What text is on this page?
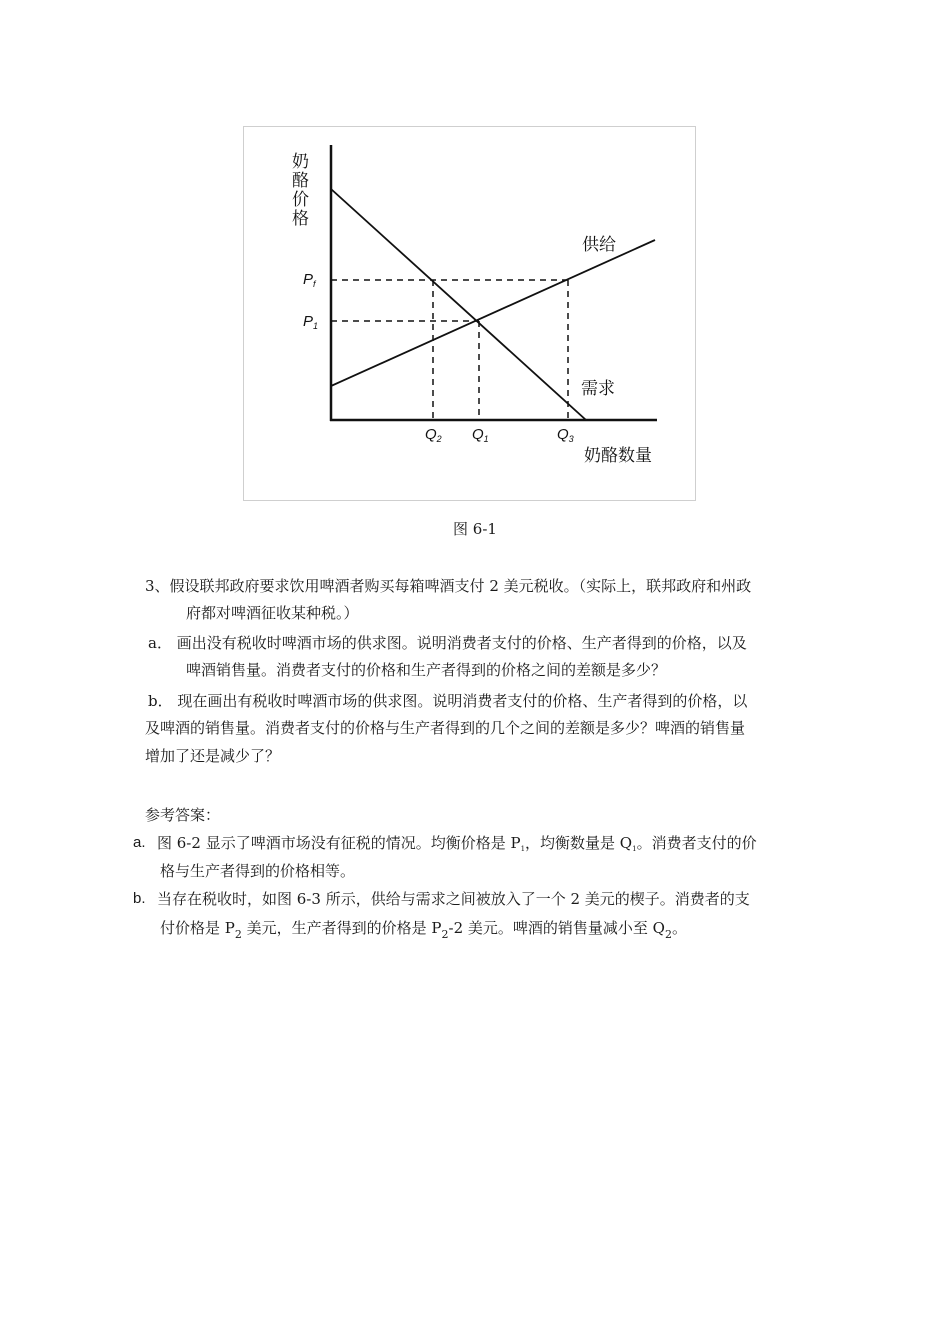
奶
酪
价
格
供给
需求
奶酪数量
$P_f$
$P_1$
$Q_2$ $Q_1$	$Q_3$
图 6-1
3、假设联邦政府要求饮用啤酒者购买每箱啤酒支付 2 美元税收。（实际上，联邦政府和州政
府都对啤酒征收某种税。）
a． 画出没有税收时啤酒市场的供求图。说明消费者支付的价格、生产者得到的价格，以及
啤酒销售量。消费者支付的价格和生产者得到的价格之间的差额是多少？
b． 现在画出有税收时啤酒市场的供求图。说明消费者支付的价格、生产者得到的价格，以
及啤酒的销售量。消费者支付的价格与生产者得到的几个之间的差额是多少？啤酒的销售量
增加了还是减少了？
参考答案：
a. 图 6-2 显示了啤酒市场没有征税的情况。均衡价格是 $P_1$，均衡数量是 $Q_1$。消费者支付的价
格与生产者得到的价格相等。
b. 当存在税收时，如图 6-3 所示，供给与需求之间被放入了一个 2 美元的楔子。消费者的支
付价格是 $P_2$ 美元，生产者得到的价格是 $P_2-2$ 美元。啤酒的销售量减小至 $Q_2$。
